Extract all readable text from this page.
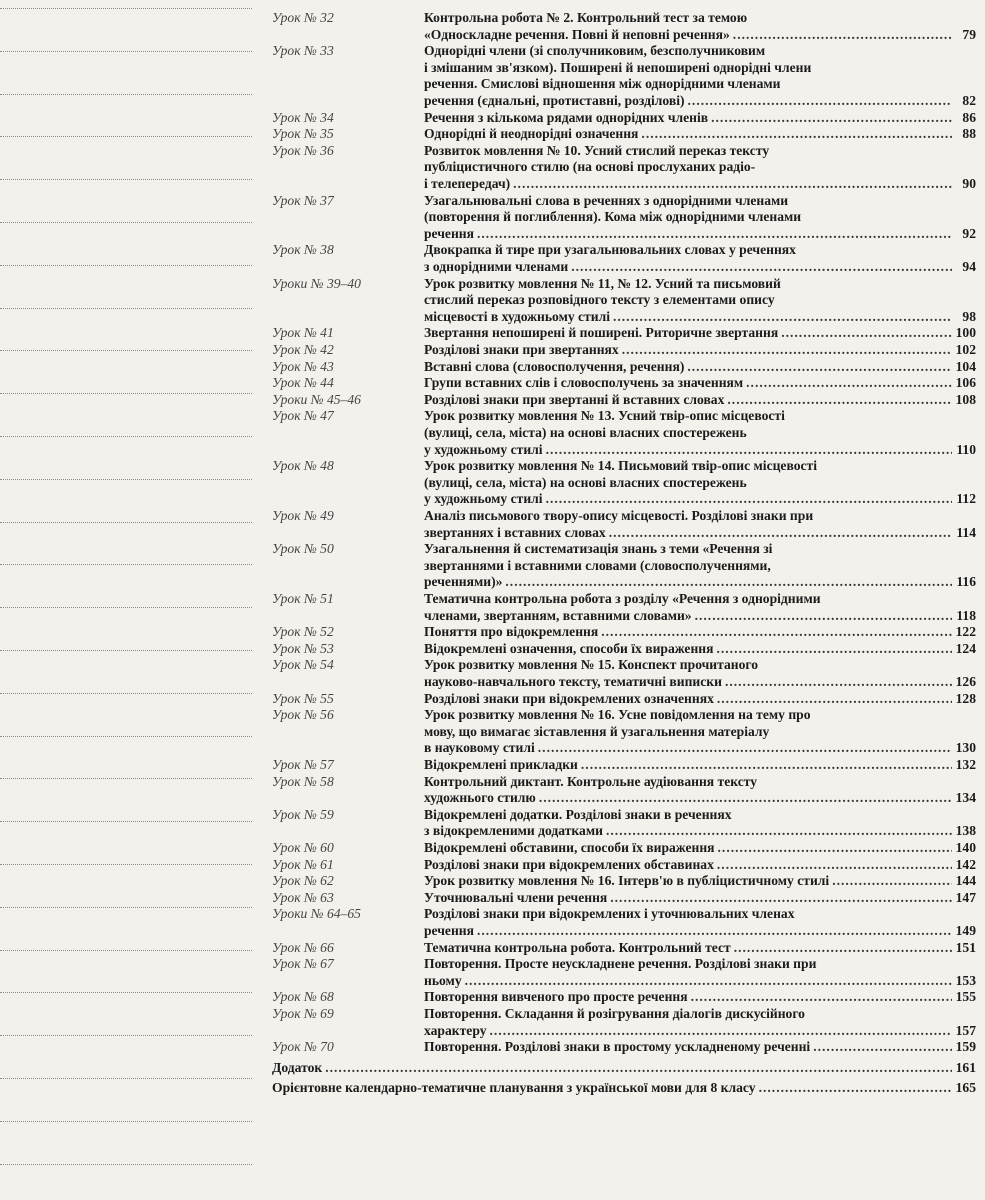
Урок № 32	Контрольна робота № 2. Контрольний тест за темою
«Односкладне речення. Повні й неповні речення» .....	79
Урок № 33	Однорідні члени (зі сполучниковим, безсполучниковим
і змішаним зв'язком). Поширені й непоширені однорідні члени
речення. Смислові відношення між однорідними членами
речення (єднальні, протиставні, розділові) .....	82
Урок № 34	Речення з кількома рядами однорідних членів .....	86
Урок № 35	Однорідні й неоднорідні означення .....	88
Урок № 36	Розвиток мовлення № 10. Усний стислий переказ тексту
публіцистичного стилю (на основі прослуханих радіо-
і телепередач) .....	90
Урок № 37	Узагальнювальні слова в реченнях з однорідними членами
(повторення й поглиблення). Кома між однорідними членами
речення .....	92
Урок № 38	Двокрапка й тире при узагальнювальних словах у реченнях
з однорідними членами .....	94
Уроки № 39–40	Урок розвитку мовлення № 11, № 12. Усний та письмовий
стислий переказ розповідного тексту з елементами опису
місцевості в художньому стилі .....	98
Урок № 41	Звертання непоширені й поширені. Риторичне звертання .....	100
Урок № 42	Розділові знаки при звертаннях .....	102
Урок № 43	Вставні слова (словосполучення, речення) .....	104
Урок № 44	Групи вставних слів і словосполучень за значенням .....	106
Уроки № 45–46	Розділові знаки при звертанні й вставних словах .....	108
Урок № 47	Урок розвитку мовлення № 13. Усний твір-опис місцевості
(вулиці, села, міста) на основі власних спостережень
у художньому стилі .....	110
Урок № 48	Урок розвитку мовлення № 14. Письмовий твір-опис місцевості
(вулиці, села, міста) на основі власних спостережень
у художньому стилі .....	112
Урок № 49	Аналіз письмового твору-опису місцевості. Розділові знаки при
звертаннях і вставних словах .....	114
Урок № 50	Узагальнення й систематизація знань з теми «Речення зі
звертаннями і вставними словами (словосполученнями,
реченнями)» .....	116
Урок № 51	Тематична контрольна робота з розділу «Речення з однорідними
членами, звертанням, вставними словами» .....	118
Урок № 52	Поняття про відокремлення .....	122
Урок № 53	Відокремлені означення, способи їх вираження .....	124
Урок № 54	Урок розвитку мовлення № 15. Конспект прочитаного
науково-навчального тексту, тематичні виписки .....	126
Урок № 55	Розділові знаки при відокремлених означеннях .....	128
Урок № 56	Урок розвитку мовлення № 16. Усне повідомлення на тему про
мову, що вимагає зіставлення й узагальнення матеріалу
в науковому стилі .....	130
Урок № 57	Відокремлені прикладки .....	132
Урок № 58	Контрольний диктант. Контрольне аудіювання тексту
художнього стилю .....	134
Урок № 59	Відокремлені додатки. Розділові знаки в реченнях
з відокремленими додатками .....	138
Урок № 60	Відокремлені обставини, способи їх вираження .....	140
Урок № 61	Розділові знаки при відокремлених обставинах .....	142
Урок № 62	Урок розвитку мовлення № 16. Інтерв'ю в публіцистичному стилі .....	144
Урок № 63	Уточнювальні члени речення .....	147
Уроки № 64–65	Розділові знаки при відокремлених і уточнювальних членах
речення .....	149
Урок № 66	Тематична контрольна робота. Контрольний тест .....	151
Урок № 67	Повторення. Просте неускладнене речення. Розділові знаки при
ньому .....	153
Урок № 68	Повторення вивченого про просте речення .....	155
Урок № 69	Повторення. Складання й розігрування діалогів дискусійного
характеру .....	157
Урок № 70	Повторення. Розділові знаки в простому ускладненому реченні .....	159
Додаток .....	161
Орієнтовне календарно-тематичне планування з української мови для 8 класу .....	165
